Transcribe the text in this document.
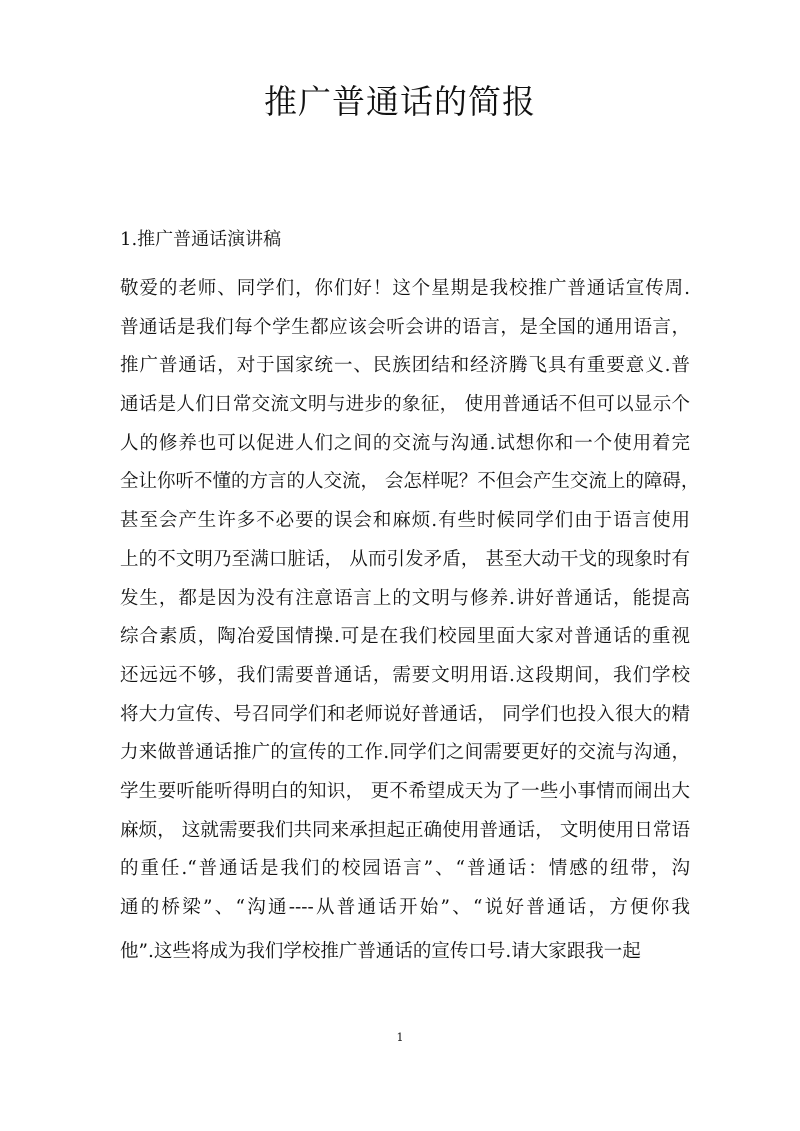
推广普通话的简报
1.推广普通话演讲稿
敬爱的老师、同学们，你们好！这个星期是我校推广普通话宣传周.
普通话是我们每个学生都应该会听会讲的语言，是全国的通用语言，
推广普通话，对于国家统一、民族团结和经济腾飞具有重要意义.普
通话是人们日常交流文明与进步的象征， 使用普通话不但可以显示个
人的修养也可以促进人们之间的交流与沟通.试想你和一个使用着完
全让你听不懂的方言的人交流， 会怎样呢？不但会产生交流上的障碍，
甚至会产生许多不必要的误会和麻烦.有些时候同学们由于语言使用
上的不文明乃至满口脏话， 从而引发矛盾， 甚至大动干戈的现象时有
发生，都是因为没有注意语言上的文明与修养.讲好普通话，能提高
综合素质，陶冶爱国情操.可是在我们校园里面大家对普通话的重视
还远远不够，我们需要普通话，需要文明用语.这段期间，我们学校
将大力宣传、号召同学们和老师说好普通话， 同学们也投入很大的精
力来做普通话推广的宣传的工作.同学们之间需要更好的交流与沟通，
学生要听能听得明白的知识， 更不希望成天为了一些小事情而闹出大
麻烦， 这就需要我们共同来承担起正确使用普通话， 文明使用日常语
的重任.“普通话是我们的校园语言”、“普通话：情感的纽带，沟
通的桥梁”、“沟通----从普通话开始”、“说好普通话，方便你我
他”.这些将成为我们学校推广普通话的宣传口号.请大家跟我一起
1
